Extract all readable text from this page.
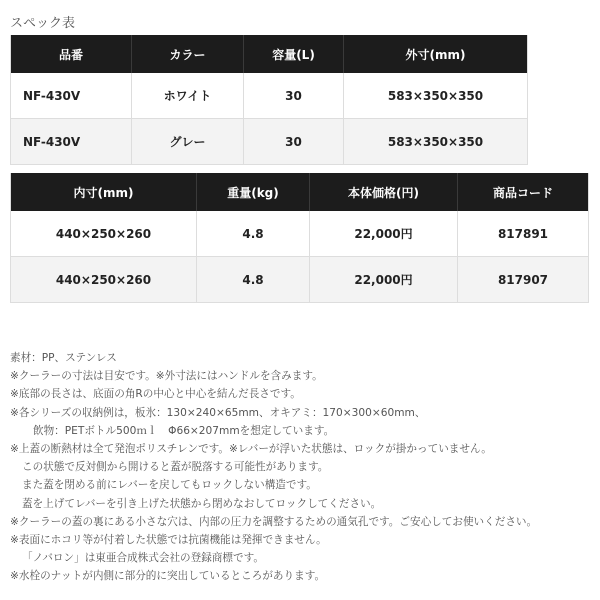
スペック表
品番	カラー	容量(L)	外寸(mm)
NF-430V	ホワイト	30	583×350×350
NF-430V	グレー	30	583×350×350
内寸(mm)	重量(kg)	本体価格(円)	商品コード
440×250×260	4.8	22,000円	817891
440×250×260	4.8	22,000円	817907
素材：PP、ステンレス
※クーラーの寸法は目安です。※外寸法にはハンドルを含みます。
※底部の長さは、底面の角Rの中心と中心を結んだ長さです。
※各シリーズの収納例は，板氷：130×240×65mm、オキアミ：170×300×60mm、
飲物：PETボトル500ｍｌ　Φ66×207mmを想定しています。
※上蓋の断熱材は全て発泡ポリスチレンです。※レバーが浮いた状態は、ロックが掛かっていません。
この状態で反対側から開けると蓋が脱落する可能性があります。
また蓋を閉める前にレバーを戻してもロックしない構造です。
蓋を上げてレバーを引き上げた状態から閉めなおしてロックしてください。
※クーラーの蓋の裏にある小さな穴は、内部の圧力を調整するための通気孔です。ご安心してお使いください。
※表面にホコリ等が付着した状態では抗菌機能は発揮できません。
「ノバロン」は東亜合成株式会社の登録商標です。
※水栓のナットが内側に部分的に突出しているところがあります。
